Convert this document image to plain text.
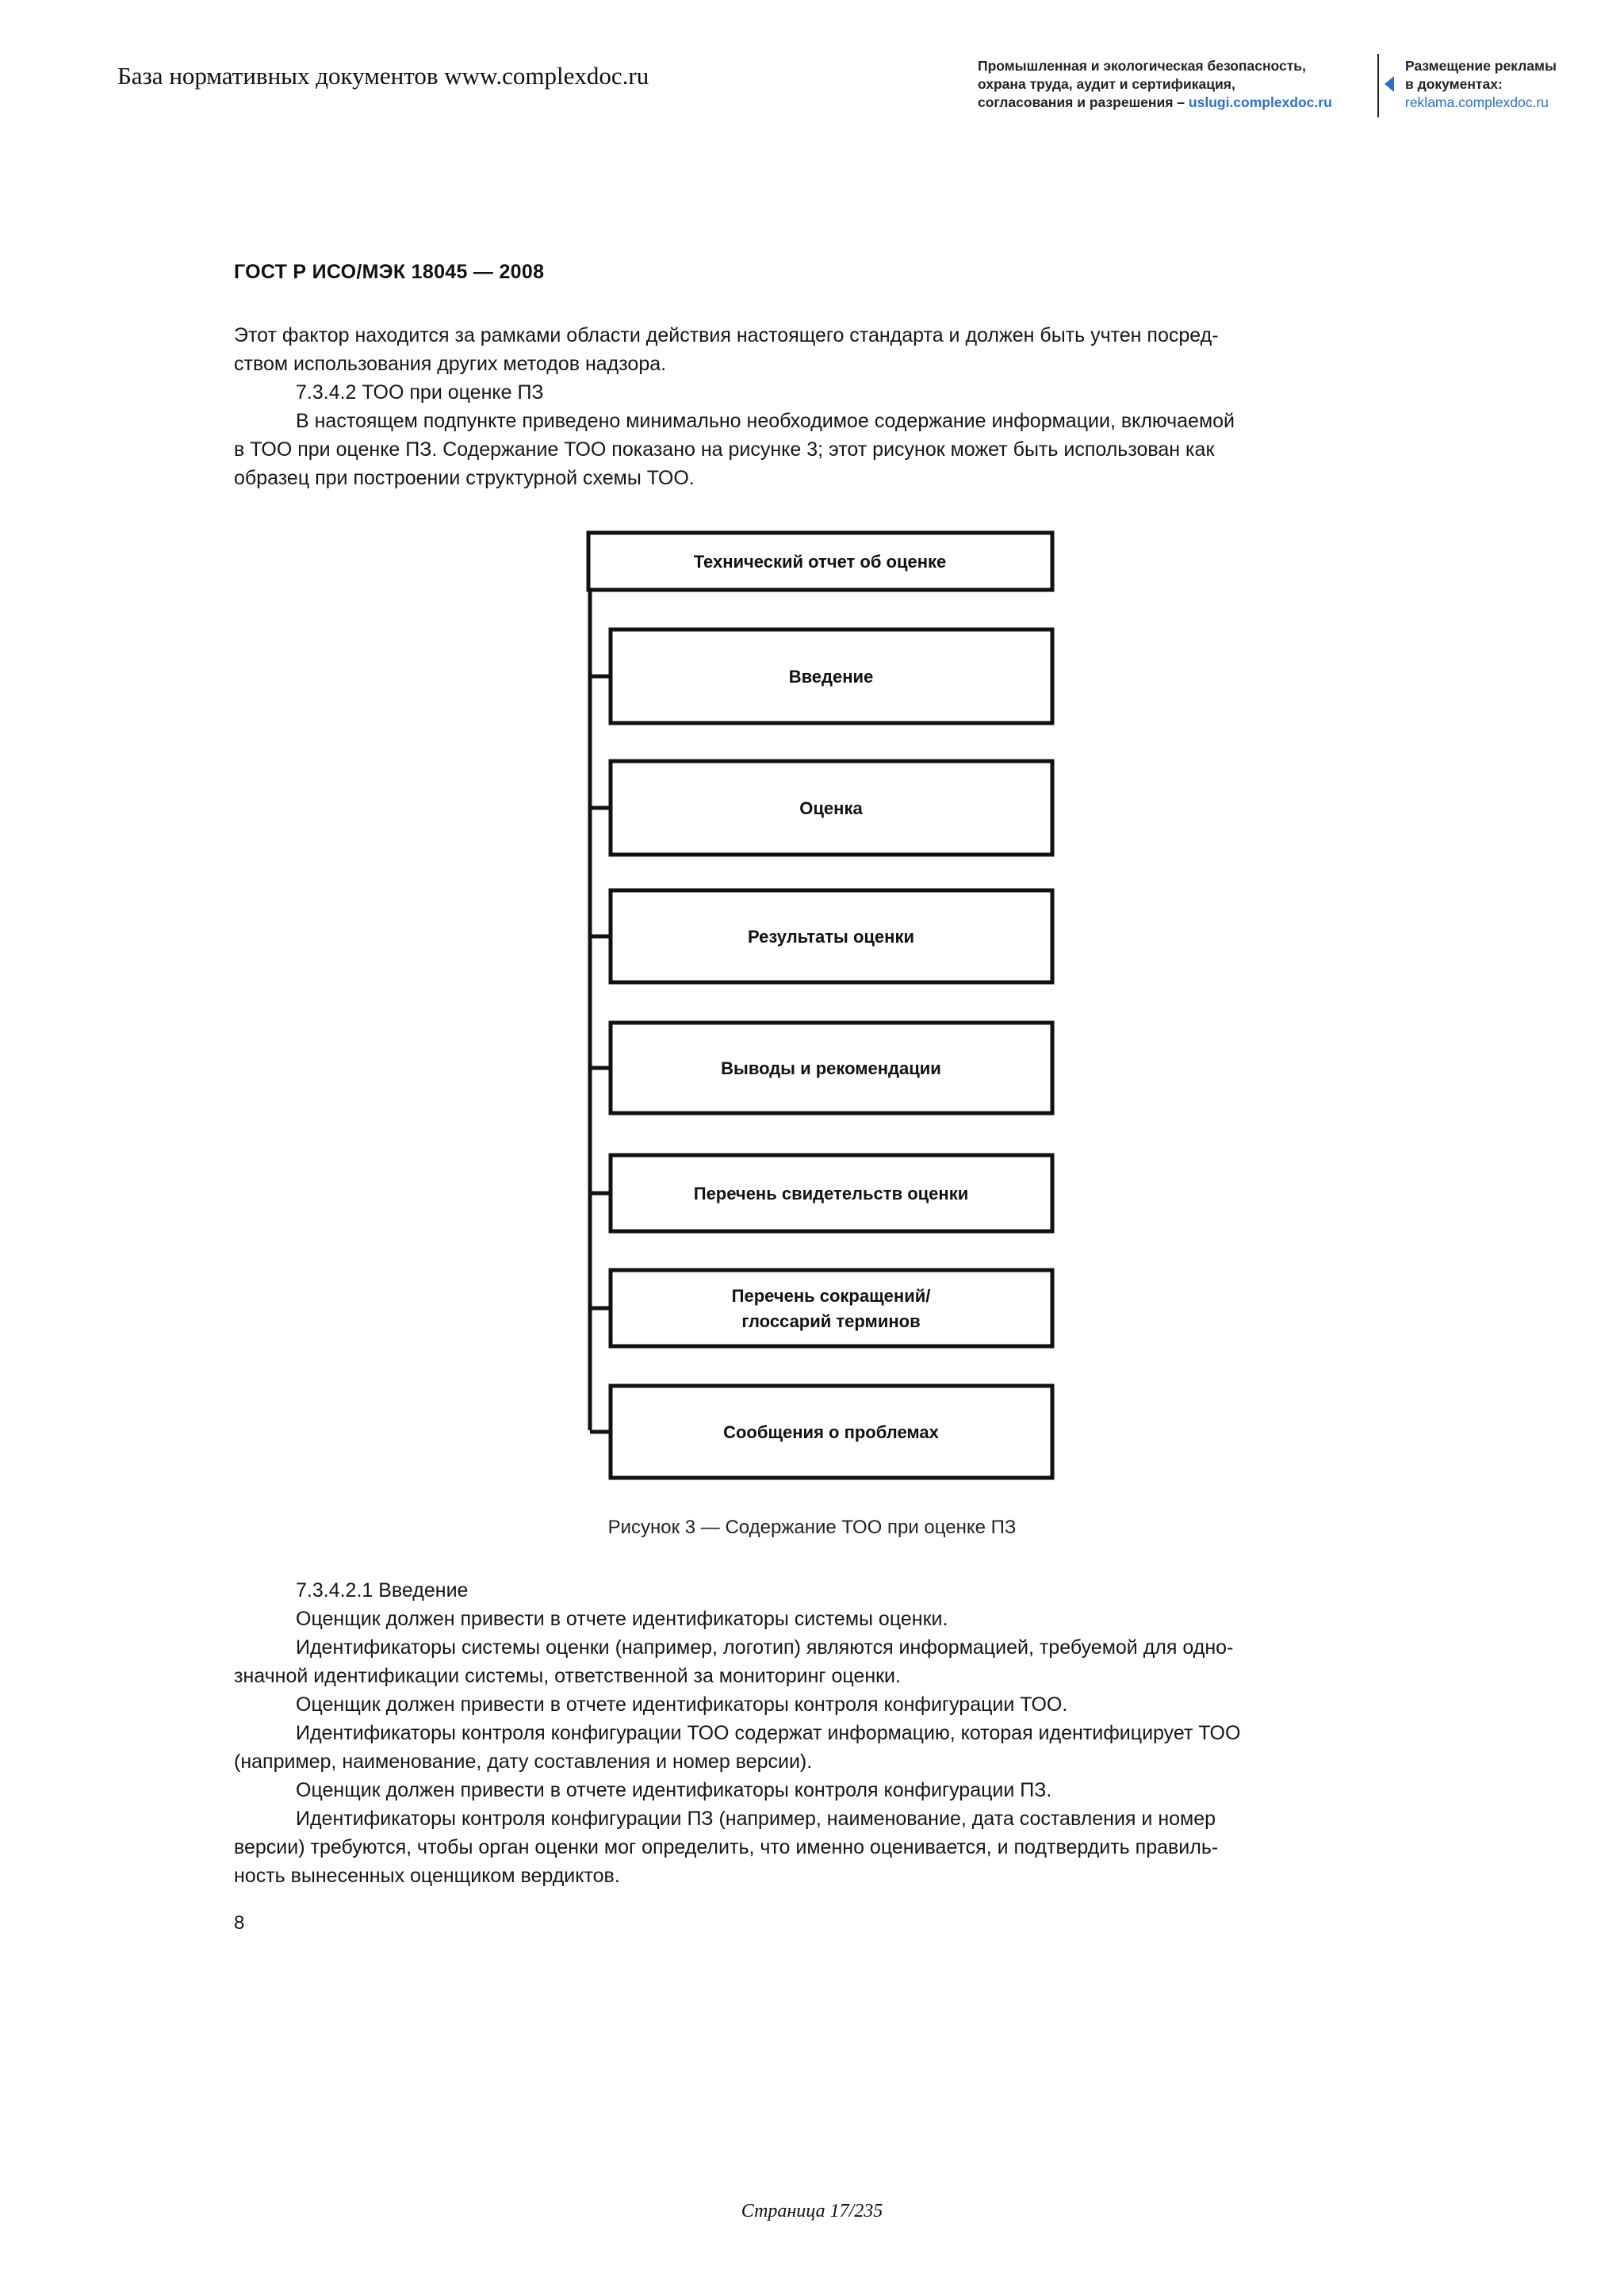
База нормативных документов www.complexdoc.ru	Промышленная и экологическая безопасность,
охрана труда, аудит и сертификация,
согласования и разрешения – uslugi.complexdoc.ru
Размещение рекламы
в документах:
reklama.complexdoc.ru
ГОСТ Р ИСО/МЭК 18045 — 2008
Этот фактор находится за рамками области действия настоящего стандарта и должен быть учтен посред-
ством использования других методов надзора.
7.3.4.2 ТОО при оценке ПЗ
В настоящем подпункте приведено минимально необходимое содержание информации, включаемой
в ТОО при оценке ПЗ. Содержание ТОО показано на рисунке 3; этот рисунок может быть использован как
образец при построении структурной схемы ТОО.
Технический отчет об оценке
Введение
Оценка
Результаты оценки
Выводы и рекомендации
Перечень свидетельств оценки
Перечень сокращений/
глоссарий терминов
Сообщения о проблемах
Рисунок 3 — Содержание ТОО при оценке ПЗ
7.3.4.2.1 Введение
Оценщик должен привести в отчете идентификаторы системы оценки.
Идентификаторы системы оценки (например, логотип) являются информацией, требуемой для одно-
значной идентификации системы, ответственной за мониторинг оценки.
Оценщик должен привести в отчете идентификаторы контроля конфигурации ТОО.
Идентификаторы контроля конфигурации ТОО содержат информацию, которая идентифицирует ТОО
(например, наименование, дату составления и номер версии).
Оценщик должен привести в отчете идентификаторы контроля конфигурации ПЗ.
Идентификаторы контроля конфигурации ПЗ (например, наименование, дата составления и номер
версии) требуются, чтобы орган оценки мог определить, что именно оценивается, и подтвердить правиль-
ность вынесенных оценщиком вердиктов.
8
Страница 17/235
